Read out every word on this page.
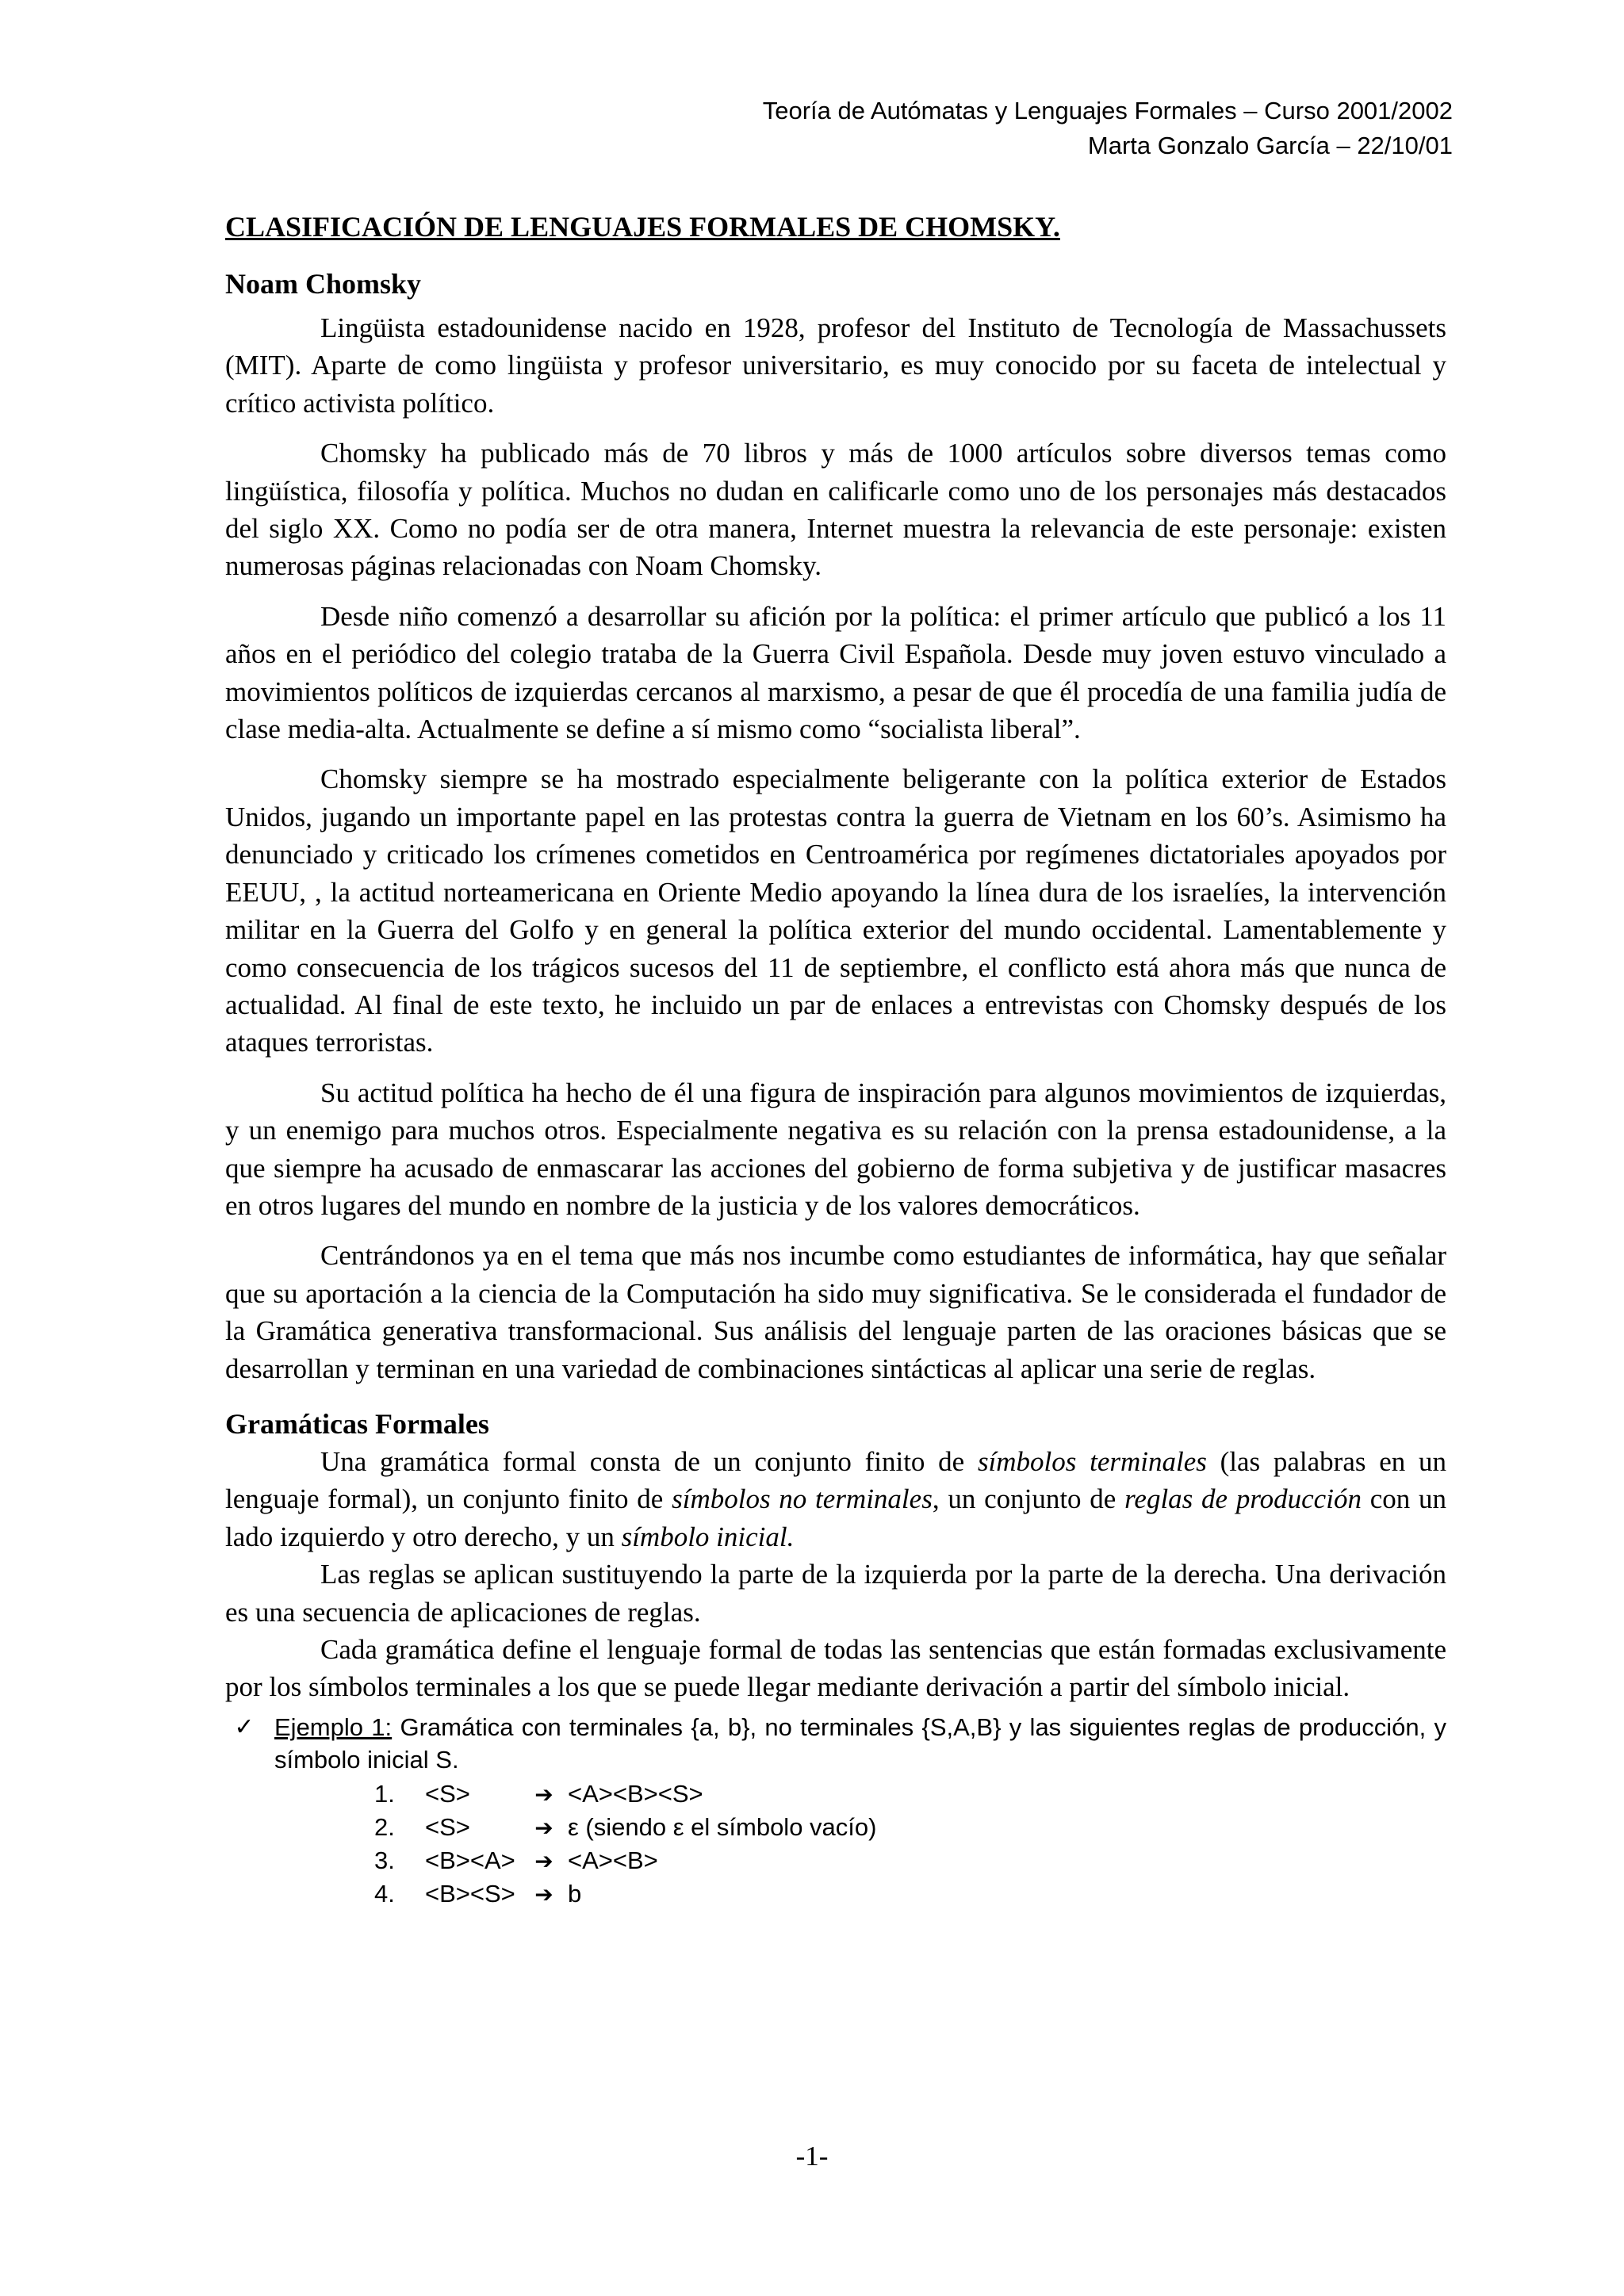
Teoría de Autómatas y Lenguajes Formales – Curso 2001/2002
Marta Gonzalo García – 22/10/01
CLASIFICACIÓN DE LENGUAJES FORMALES DE CHOMSKY.
Noam Chomsky

Lingüista estadounidense nacido en 1928, profesor del Instituto de Tecnología de Massachussets (MIT). Aparte de como lingüista y profesor universitario, es muy conocido por su faceta de intelectual y crítico activista político.

Chomsky ha publicado más de 70 libros y más de 1000 artículos sobre diversos temas como lingüística, filosofía y política. Muchos no dudan en calificarle como uno de los personajes más destacados del siglo XX. Como no podía ser de otra manera, Internet muestra la relevancia de este personaje: existen numerosas páginas relacionadas con Noam Chomsky.

Desde niño comenzó a desarrollar su afición por la política: el primer artículo que publicó a los 11 años en el periódico del colegio trataba de la Guerra Civil Española. Desde muy joven estuvo vinculado a movimientos políticos de izquierdas cercanos al marxismo, a pesar de que él procedía de una familia judía de clase media-alta. Actualmente se define a sí mismo como “socialista liberal”.

Chomsky siempre se ha mostrado especialmente beligerante con la política exterior de Estados Unidos, jugando un importante papel en las protestas contra la guerra de Vietnam en los 60’s. Asimismo ha denunciado y criticado los crímenes cometidos en Centroamérica por regímenes dictatoriales apoyados por EEUU, , la actitud norteamericana en Oriente Medio apoyando la línea dura de los israelíes, la intervención militar en la Guerra del Golfo y en general la política exterior del mundo occidental. Lamentablemente y como consecuencia de los trágicos sucesos del 11 de septiembre, el conflicto está ahora más que nunca de actualidad. Al final de este texto, he incluido un par de enlaces a entrevistas con Chomsky después de los ataques terroristas.

Su actitud política ha hecho de él una figura de inspiración para algunos movimientos de izquierdas, y un enemigo para muchos otros. Especialmente negativa es su relación con la prensa estadounidense, a la que siempre ha acusado de enmascarar las acciones del gobierno de forma subjetiva y de justificar masacres en otros lugares del mundo en nombre de la justicia y de los valores democráticos.

Centrándonos ya en el tema que más nos incumbe como estudiantes de informática, hay que señalar que su aportación a la ciencia de la Computación ha sido muy significativa. Se le considerada el fundador de la Gramática generativa transformacional. Sus análisis del lenguaje parten de las oraciones básicas que se desarrollan y terminan en una variedad de combinaciones sintácticas al aplicar una serie de reglas.

Gramáticas Formales

Una gramática formal consta de un conjunto finito de símbolos terminales (las palabras en un lenguaje formal), un conjunto finito de símbolos no terminales, un conjunto de reglas de producción con un lado izquierdo y otro derecho, y un símbolo inicial.

Las reglas se aplican sustituyendo la parte de la izquierda por la parte de la derecha. Una derivación es una secuencia de aplicaciones de reglas.

Cada gramática define el lenguaje formal de todas las sentencias que están formadas exclusivamente por los símbolos terminales a los que se puede llegar mediante derivación a partir del símbolo inicial.

✓ Ejemplo 1: Gramática con terminales {a, b}, no terminales {S,A,B} y las siguientes reglas de producción, y símbolo inicial S.
1.	<S>	➔ <A><B><S>
2.	<S>	➔ ε (siendo ε el símbolo vacío)
3.	<B><A> ➔ <A><B>
4.	<B><S> ➔ b
-1-
